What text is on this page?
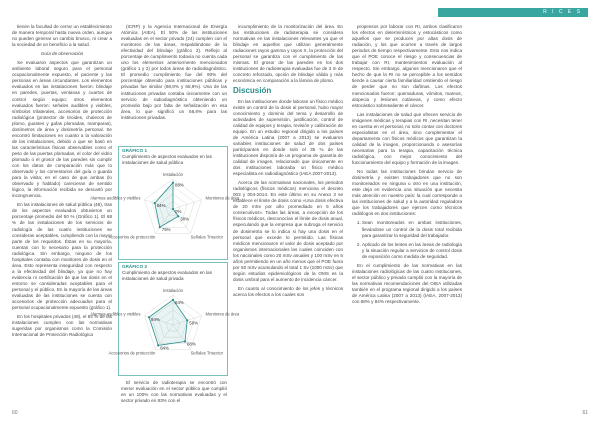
tienen la facultad de cerrar un establecimiento de manera temporal hasta nueva orden, aunque no pueden generar un cambio brusco, ni crear a la sociedad de un beneficio a la salud.

Guía de observación

Se evaluaron aspectos que garantizan un ambiente laboral seguro para el personal ocupacionalmente expuesto, el paciente y las personas en áreas circundantes. Los elementos evaluados en las instalaciones fueron: blindaje en paredes, puertas, ventanas y cuartos de control según equipo; otros elementos evaluados fueron: señales audibles y visibles, símbolos trilaterales, accesorios de protección radiológica (protector de tiroides, chalecos de plomo, guantes y gafas plomadas, mamparas), dosímetros de área y dosimetría personal. Se encontró limitaciones en cuanto a la valoración de las instalaciones, debido a que se basó en las características físicas observables como el peso de las puertas plomadas, el color del vidrio plomado o el grosor de las paredes sin cumplir con los datos de comparación más que lo observado y los comentarios del guía o guarda para la visita; en el caso de que ambas (lo observado y hablado) carecieran de sentido lógico, la información recibida se descartó por incongruencia.

En las instalaciones de salud pública (48), tras de los aspectos evaluados obtuvieron un porcentaje promedio del 50 % (Gráfico 1). El 68 % de las instalaciones de los servicios de radiología de las cuatro instituciones se consideran aceptables, cumpliendo con la mayor parte de los requisitos. Éstas en su mayoría, cuentan con lo necesario para la protección radiológica. Sin embargo, ninguno de los hospitales contaba con monitores de dosis en el área. Esto representa inseguridad con respecto a la efectividad del blindaje, ya que no hay evidencia ni certificación de que las dosis en el entorno se consideradas aceptables para el personal y el público. En la mayoría de las áreas evaluadas de las instituciones se cuenta con accesorios de protección adecuados para el personal ocupacionalmente expuesto (gráfico 1).

En los hospitales privados (48), el 84 % de las instalaciones cumplen con las normativas sugeridas por organismos como la Comisión Internacional de Protección Radiológica

(ICRP) y la Agencia Internacional de Energía Atómica (AIEA). El 50% de las instituciones evaluadas en el sector privado (24) cumplen con el monitoreo de las áreas, respaldándose de la efectividad del blindaje (gráfico 2). Reflejo al porcentaje de cumplimiento todavía no cuenta cada uno los elementos anteriormente mencionados (gráfico 1 y 2) por todos áreas de radiodiagnóstico. El promedio cumplimiento fue del 90% del porcentaje obtenido para instituciones públicas y privadas fue similar (68,8% y 68,9%). Una de las instituciones privadas contaba únicamente con un servicio de radiodiagnóstico obteniendo un promedio bajo por falta de señalización en esa área, lo que significó un 68,8% para las instituciones privadas.

GRÁFICO 1
Cumplimiento de aspectos evaluados en las instalaciones de salud pública
88%
0%
30%
75%
64%
Instalación
Monitores de área
Señales Trisector
Accesorios de protección
Alarmas audibles y visibles
GRÁFICO 2
Cumplimiento de aspectos evaluados en las instalaciones de salud privada
84%
50%
68%
84%
84%
Instalación
Monitores de área
Señales Trisector
Accesorios de protección
Alarmas audibles y visibles

El servicio de radioterapia se encontró con menor evaluación en el sector público que cumplió en un 100% con las normativas evaluadas y el sector privado en 83% con el

60
R I C E S

incumplimiento de la monitorización del área. En las instituciones de radioterapia se considera normativas en las instalaciones relevantes ya que el blindaje en aquellos que utilizan generalmente radiaciones rayos gamma y rayos X, la protección del personal se garantiza con el cumplimiento de las mismas. El grosor de las paredes en los dos instituciones de radioterapia evaluadas fue de 3 m de concreto reforzado, opción de blindaje válida y más económica en comparación a la lámina de plomo.

Discusión

En las instituciones donde laboran un físico médico existe un control de la dosis al personal, hubo mayor conocimiento y dominio del tema y desarrollo de actividades de supervisión, justificación, control de calidad de equipos y terapia, revisión y calibración de equipo. En un estudio regional dirigido a los países de América Latina (2007 a 2013) se evaluaron variables instituciones de salud de dos países participantes en donde solo el 35 % de las instituciones disponía de un programa de garantía de calidad de imagen, relacionado que únicamente en dos instituciones laboraba un físico médico especialista en radiodiagnóstico (IAEA 2007-2013).

Acerca de las normativas nacionales, los periodos radiológicos (físicos médicos) menciona el decreto 003 y 004-2014. En este último en su Anexo 3 se establece el límite de dosis como «Una dosis efectiva de 20 mSv por año promediado en 5 años consecutivos». Todas las áreas, a excepción de los físicos médicos, desconocían el límite de dosis anual, especulando que la empresa que subroga el servicio de dosimetría se lo indica si hay una dosis en el personal que excede lo permitido. Las físicas médicos mencionaron el valor de dosis aceptado por organismos internacionales las cuales coinciden con los nacionales como 20 mSv anuales y 100 mSv en 5 años permitiendo en un año menos que el POE fuera por 50 mSv acumulando el total 1 Sv (1000 mSv) que según estudios epidemiológicos de la OMS es la dosis umbral para el aumento de incidencia cáncer.

En cuanto al conocimiento de los jefes y técnicos acerca los efectos a los cuales son

propensos por laborar con RI, ambos clasificaron los efectos en determinísticos y estocásticos como aquellos que se producen por altas dosis de radiación, y los que ocurren a través de largos periodos de tiempo respectivamente. Esto nos indica que el POE conoce el riesgo y consecuencias de trabajar con RI, mantenimientos evaluación al respecto. Sin embargo, algunos mencionaron que el hecho de que la RI no se percepible a los sentidos tiende a causar cierta familiaridad omitiendo el riesgo de perder que no son dañinas. Los efectos mencionados fueron: quemaduras, vómitos, mareos, alopecia y lesiones cutáneas, y como efecto estocástico sobresaliente el cáncer.

Las instalaciones de salud que ofrecen servicio de imágenes médicas y terapias con RI, necesitan tener en cuenta en el personal, no solo contar con doctores especialistas en el área, sino complementar el departamento con físicos médicos que garantizan la calidad de la imagen, proporcionando o asesorías necesarias para la terapia, capacitación técnica radiológica, con mejor conocimiento del funcionamiento del equipo y formación de la imagen.

No todas las instituciones brindan servicio de dosimetría y existen trabajadores que no son monitoreados en ninguna u otro en una institución, este deja en evidencia una situación que necesita más atención en nuestro país: la cual corresponde a las instituciones de salud y a la autoridad reguladora que los trabajadores que ejercen como técnicos radiólogos en dos instituciones:

1. Sean monitoreados en ambas instituciones, llevándose un control de la dosis total recibida para garantizar la seguridad del trabajador.
2. Aplicado de los lentes en las áreas de radiología y la situación regular a servicios de control dosis de exposición como medida de seguridad.

En el cumplimiento de las normativas en las instalaciones radiológicas de las cuatro instituciones, el sector público y privado cumplió con la mayoría de las normativas recomendaciones del OIEA utilizadas también en el programa regional dirigido a los países de América Latina (2007 a 2013) (IAEA, 2007-2013) con 68% y 84% respectivamente.

61
